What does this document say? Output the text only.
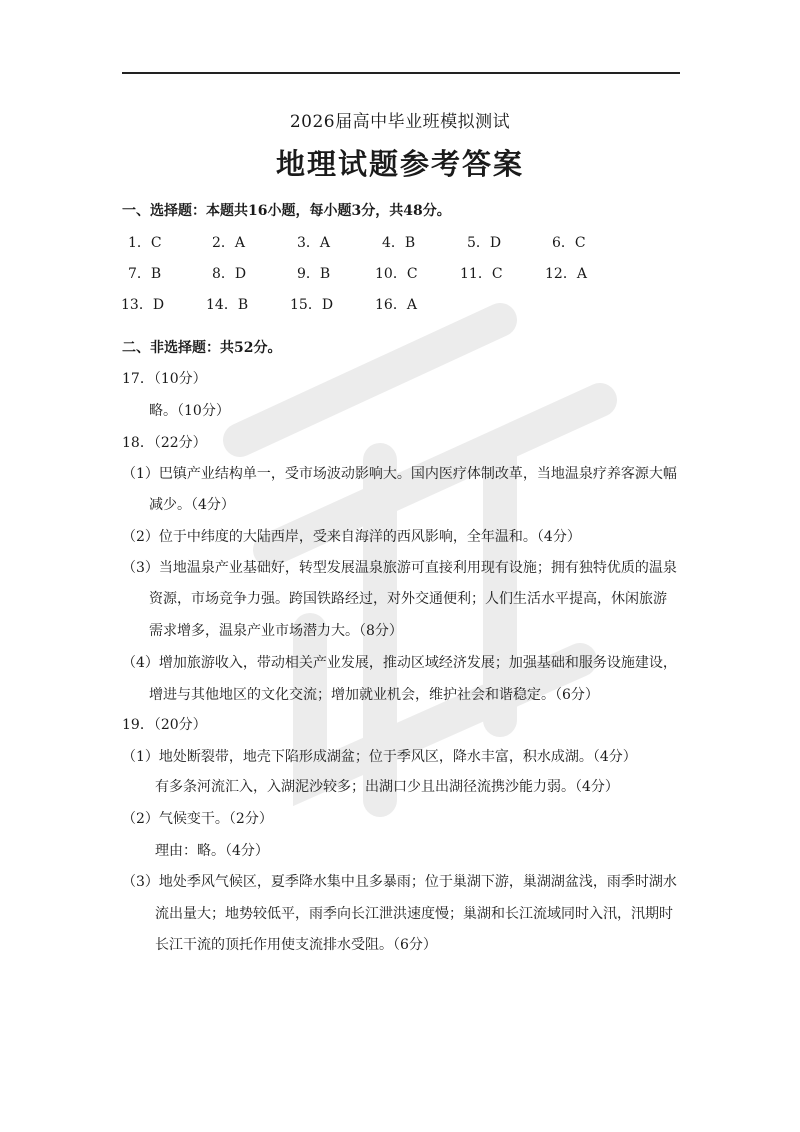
2026届高中毕业班模拟测试
地理试题参考答案
一、选择题：本题共16小题，每小题3分，共48分。
1．C	2．A	3．A	4．B	5．D	6．C
7．B	8．D	9．B	10．C	11．C	12．A
13．D	14．B	15．D	16．A
二、非选择题：共52分。
17．（10分）
略。（10分）
18．（22分）
（1）巴镇产业结构单一，受市场波动影响大。国内医疗体制改革，当地温泉疗养客源大幅
减少。（4分）
（2）位于中纬度的大陆西岸，受来自海洋的西风影响，全年温和。（4分）
（3）当地温泉产业基础好，转型发展温泉旅游可直接利用现有设施；拥有独特优质的温泉
资源，市场竞争力强。跨国铁路经过，对外交通便利；人们生活水平提高，休闲旅游
需求增多，温泉产业市场潜力大。（8分）
（4）增加旅游收入，带动相关产业发展，推动区域经济发展；加强基础和服务设施建设，
增进与其他地区的文化交流；增加就业机会，维护社会和谐稳定。（6分）
19．（20分）
（1）地处断裂带，地壳下陷形成湖盆；位于季风区，降水丰富，积水成湖。（4分）
有多条河流汇入，入湖泥沙较多；出湖口少且出湖径流携沙能力弱。（4分）
（2）气候变干。（2分）
理由：略。（4分）
（3）地处季风气候区，夏季降水集中且多暴雨；位于巢湖下游，巢湖湖盆浅，雨季时湖水
流出量大；地势较低平，雨季向长江泄洪速度慢；巢湖和长江流域同时入汛，汛期时
长江干流的顶托作用使支流排水受阻。（6分）
